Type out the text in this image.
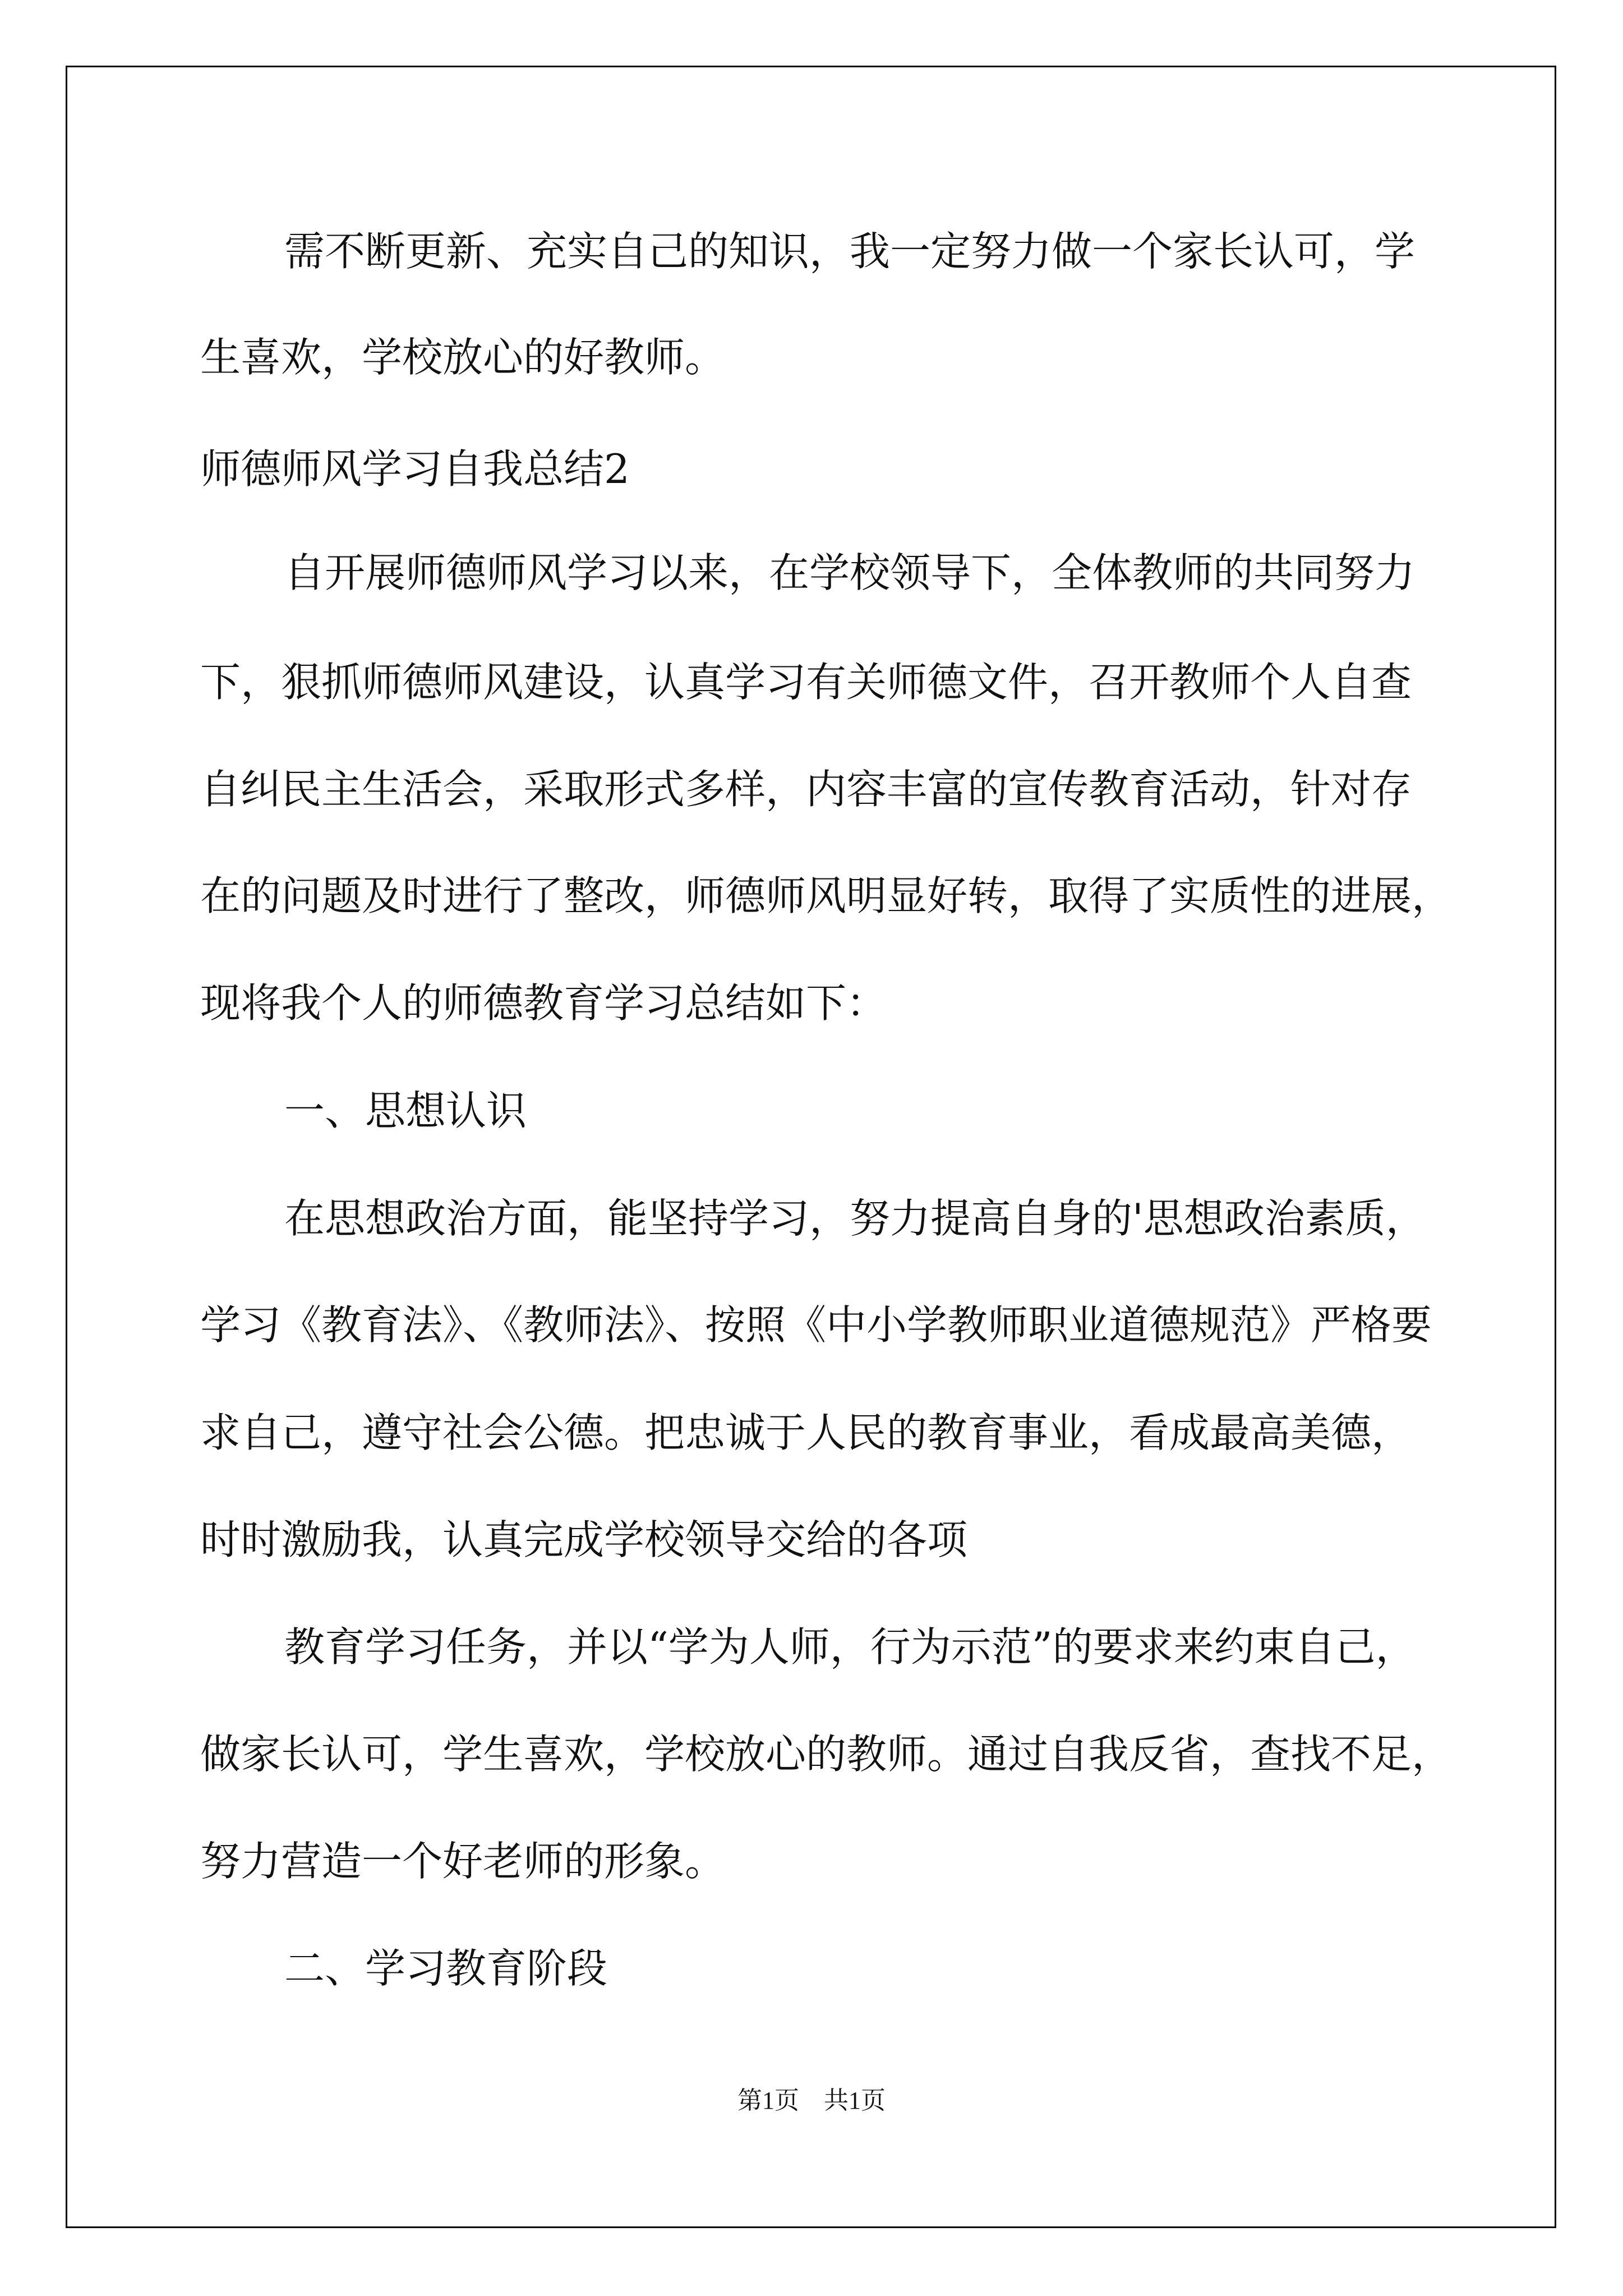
需不断更新、充实自己的知识，我一定努力做一个家长认可，学
生喜欢，学校放心的好教师。
师德师风学习自我总结2
自开展师德师风学习以来，在学校领导下，全体教师的共同努力
下，狠抓师德师风建设，认真学习有关师德文件，召开教师个人自查
自纠民主生活会，采取形式多样，内容丰富的宣传教育活动，针对存
在的问题及时进行了整改，师德师风明显好转，取得了实质性的进展，
现将我个人的师德教育学习总结如下：
一、思想认识
在思想政治方面，能坚持学习，努力提高自身的'思想政治素质，
学习《教育法》、《教师法》、按照《中小学教师职业道德规范》严格要
求自己，遵守社会公德。把忠诚于人民的教育事业，看成最高美德，
时时激励我，认真完成学校领导交给的各项
教育学习任务，并以“学为人师，行为示范”的要求来约束自己，
做家长认可，学生喜欢，学校放心的教师。通过自我反省，查找不足，
努力营造一个好老师的形象。
二、学习教育阶段
第1页　共1页
